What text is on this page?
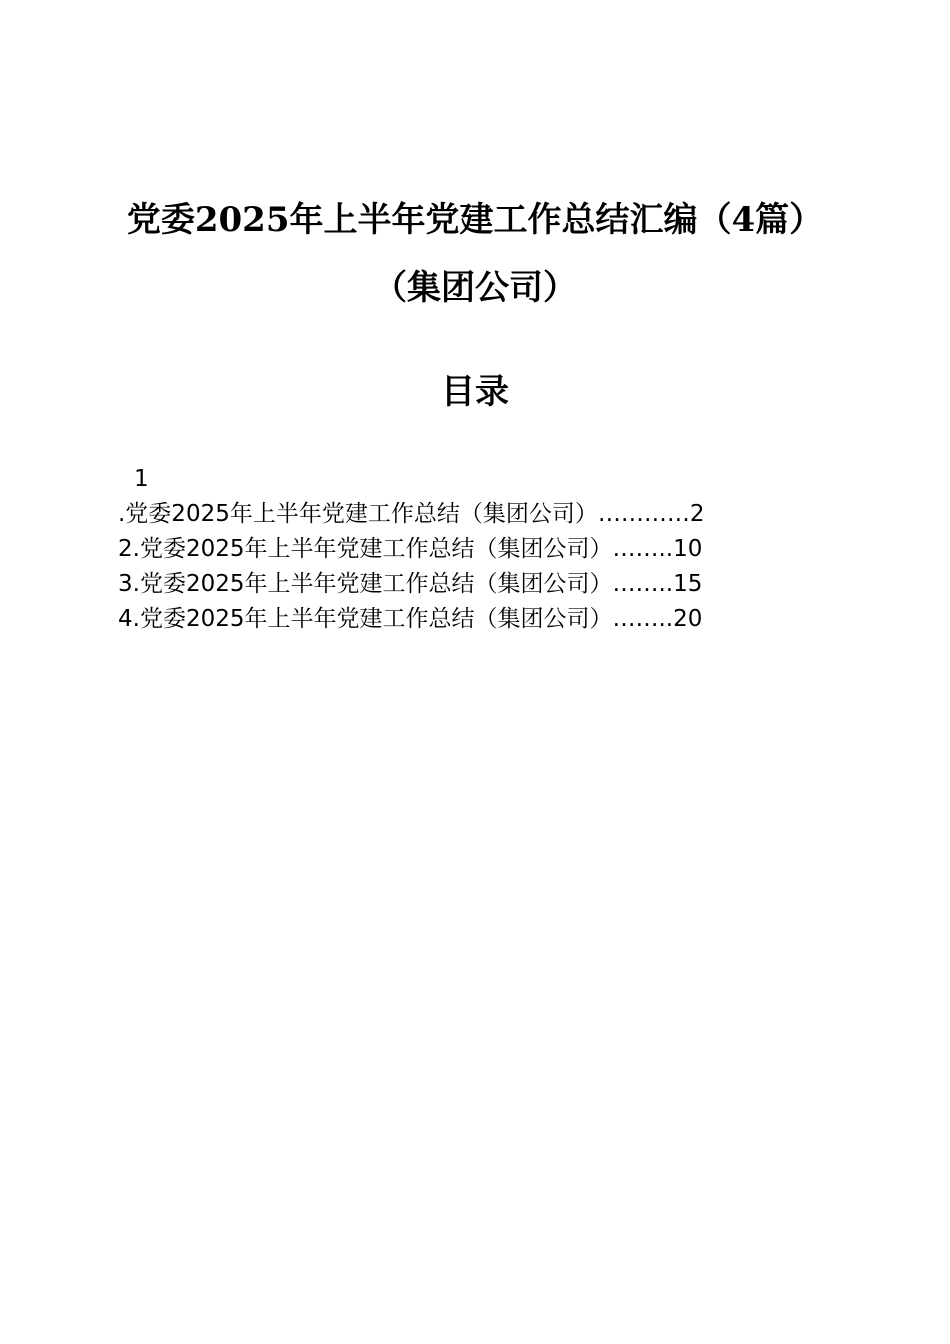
党委2025年上半年党建工作总结汇编（4篇）
（集团公司）
目录
1
.党委2025年上半年党建工作总结（集团公司）…………2
2.党委2025年上半年党建工作总结（集团公司）……..10
3.党委2025年上半年党建工作总结（集团公司）……..15
4.党委2025年上半年党建工作总结（集团公司）……..20
